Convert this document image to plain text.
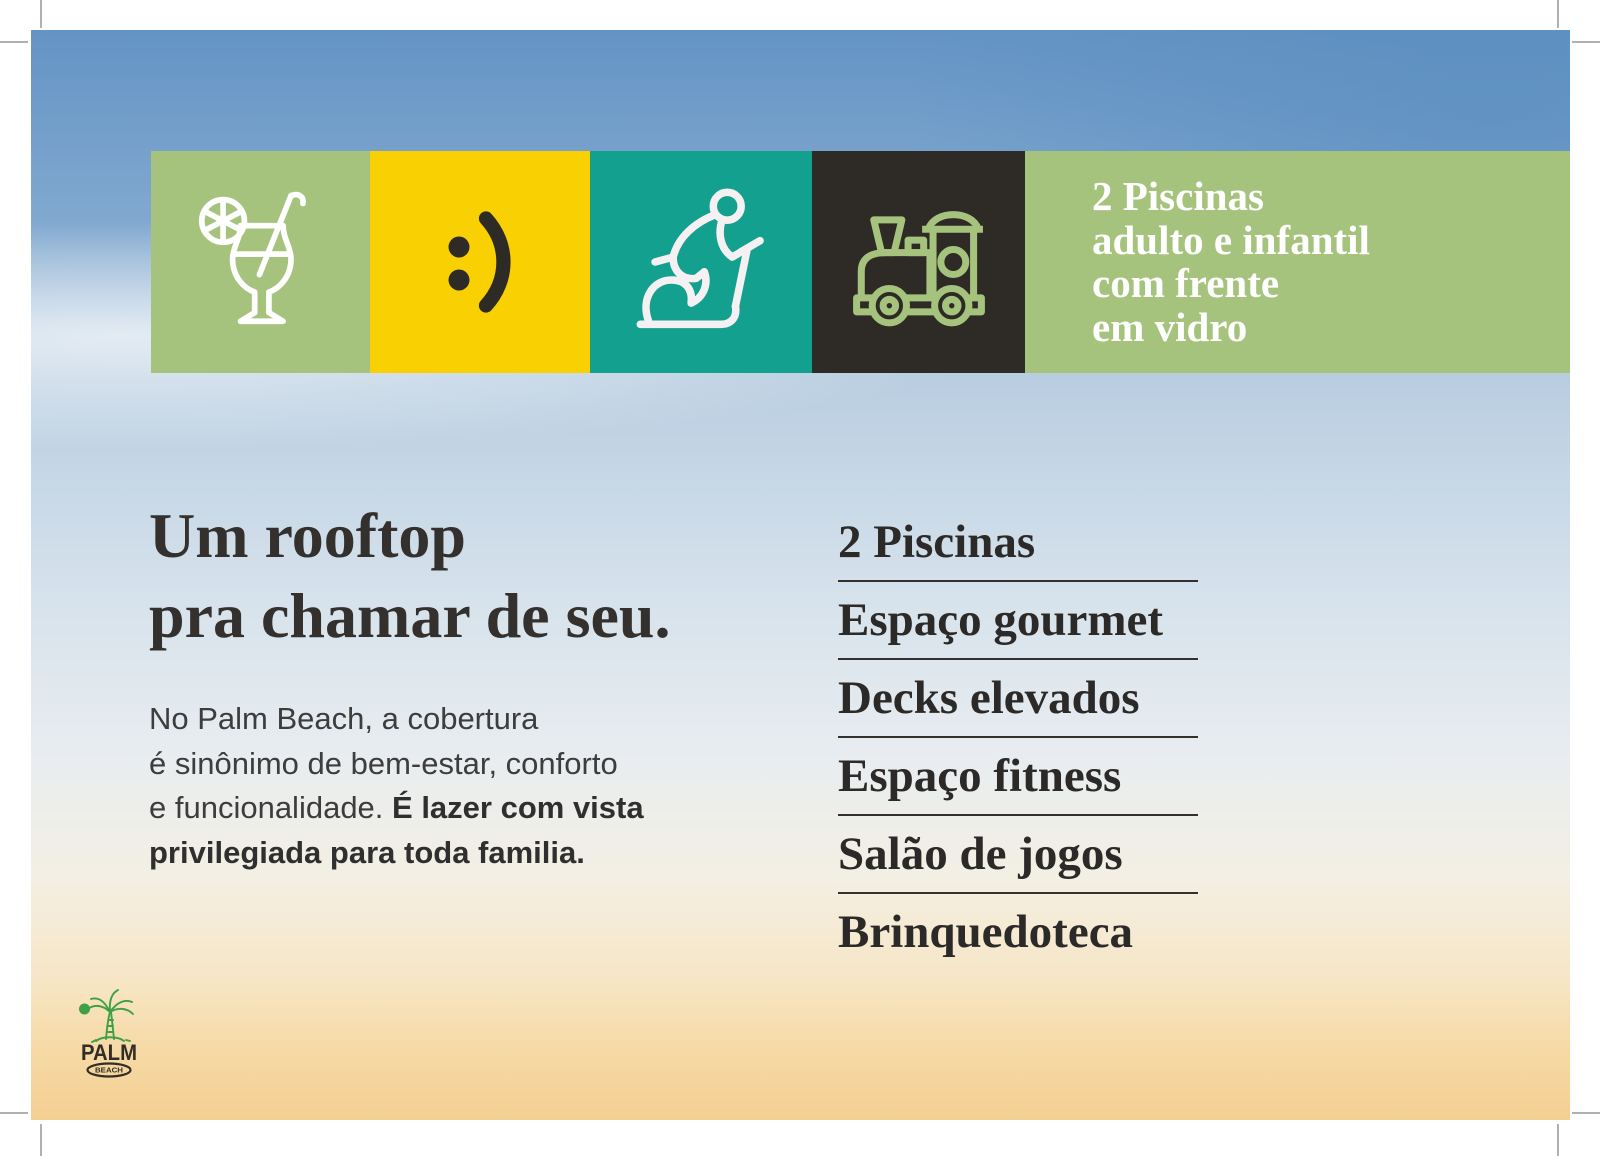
2 Piscinas
adulto e infantil
com frente
em vidro
Um rooftop
pra chamar de seu.
No Palm Beach, a cobertura
é sinônimo de bem-estar, conforto
e funcionalidade. É lazer com vista
privilegiada para toda familia.
2 Piscinas
Espaço gourmet
Decks elevados
Espaço fitness
Salão de jogos
Brinquedoteca
PALM
BEACH
